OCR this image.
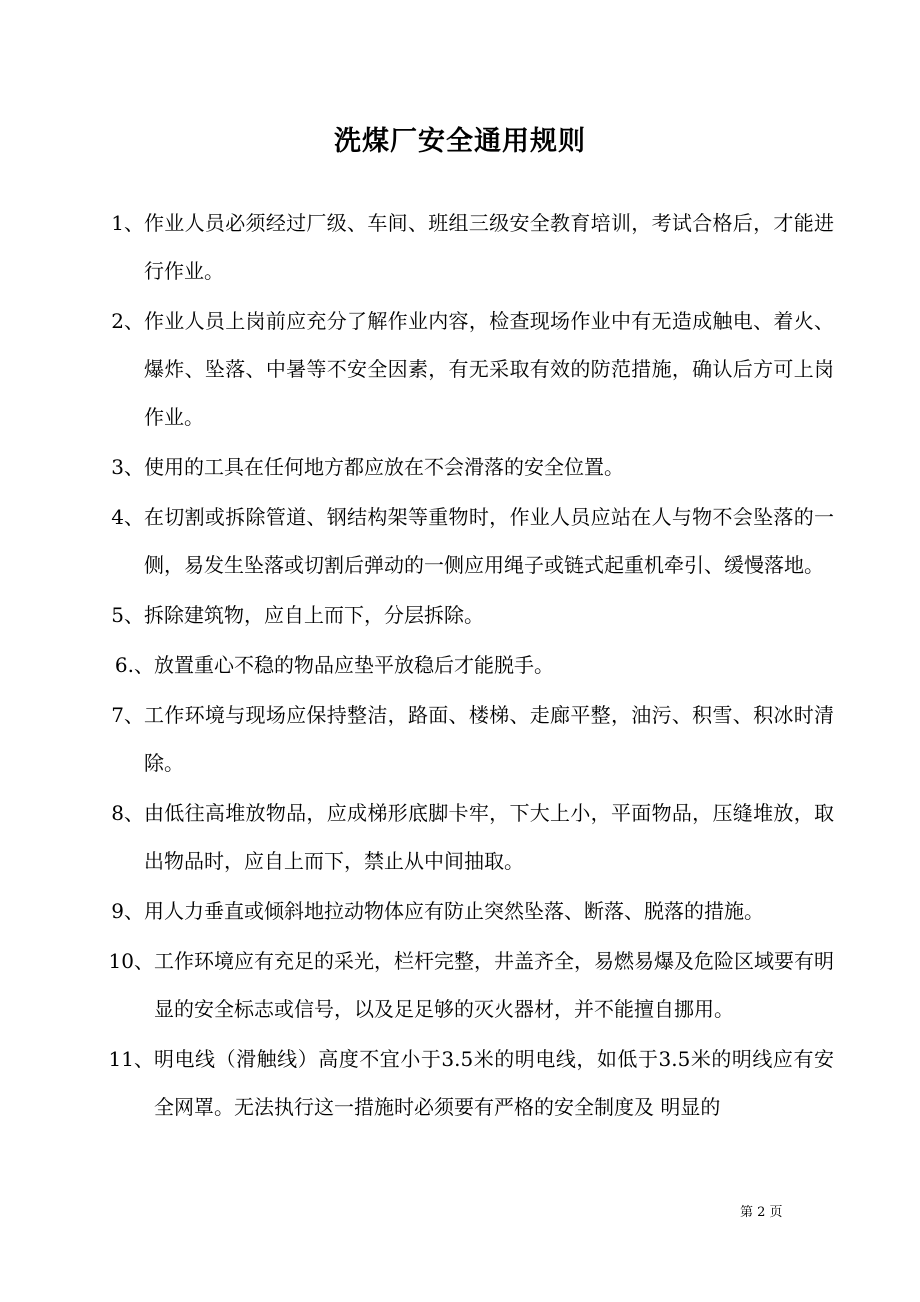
洗煤厂安全通用规则
1、 作业人员必须经过厂级、车间、班组三级安全教育培训，考试合格后，才能进行作业。
2、 作业人员上岗前应充分了解作业内容，检查现场作业中有无造成触电、着火、爆炸、坠落、中暑等不安全因素，有无采取有效的防范措施，确认后方可上岗作业。
3、 使用的工具在任何地方都应放在不会滑落的安全位置。
4、 在切割或拆除管道、钢结构架等重物时，作业人员应站在人与物不会坠落的一侧，易发生坠落或切割后弹动的一侧应用绳子或链式起重机牵引、缓慢落地。
5、 拆除建筑物，应自上而下，分层拆除。
6.、 放置重心不稳的物品应垫平放稳后才能脱手。
7、 工作环境与现场应保持整洁，路面、楼梯、走廊平整，油污、积雪、积冰时清除。
8、 由低往高堆放物品，应成梯形底脚卡牢，下大上小，平面物品，压缝堆放，取出物品时，应自上而下，禁止从中间抽取。
9、 用人力垂直或倾斜地拉动物体应有防止突然坠落、断落、脱落的措施。
10、 工作环境应有充足的采光，栏杆完整，井盖齐全，易燃易爆及危险区域要有明显的安全标志或信号，以及足足够的灭火器材，并不能擅自挪用。
11、 明电线（滑触线）高度不宜小于3.5米的明电线，如低于3.5米的明线应有安全网罩。无法执行这一措施时必须要有严格的安全制度及 明显的
第 2 页
